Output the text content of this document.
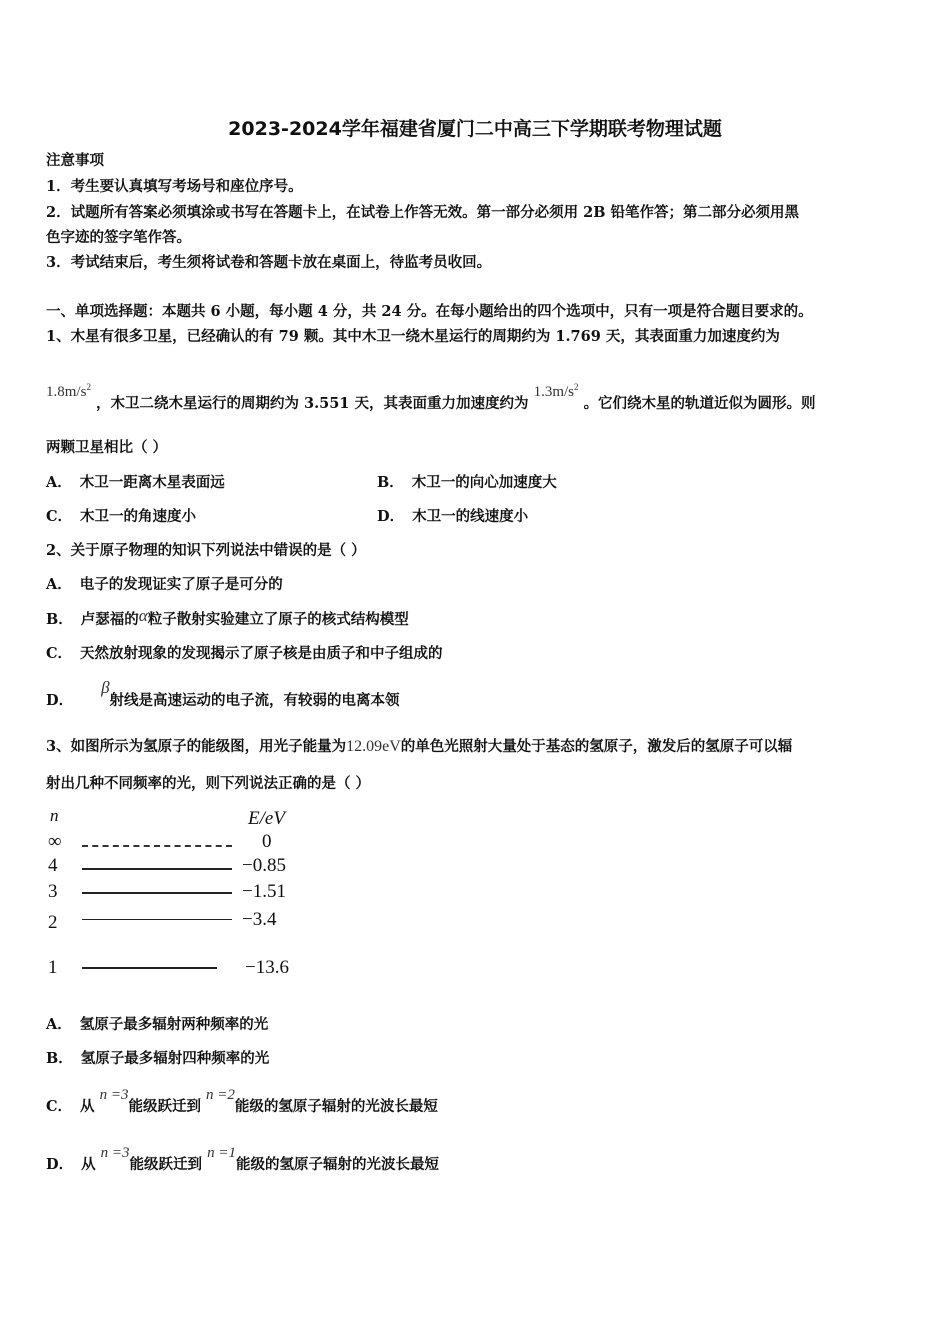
2023-2024学年福建省厦门二中高三下学期联考物理试题
注意事项
1．考生要认真填写考场号和座位序号。
2．试题所有答案必须填涂或书写在答题卡上，在试卷上作答无效。第一部分必须用 2B 铅笔作答；第二部分必须用黑
色字迹的签字笔作答。
3．考试结束后，考生须将试卷和答题卡放在桌面上，待监考员收回。
一、单项选择题：本题共 6 小题，每小题 4 分，共 24 分。在每小题给出的四个选项中，只有一项是符合题目要求的。
1、木星有很多卫星，已经确认的有 79 颗。其中木卫一绕木星运行的周期约为 1.769 天，其表面重力加速度约为
$1.8m/s^2$ ，木卫二绕木星运行的周期约为 3.551 天，其表面重力加速度约为 $1.3m/s^2$ 。它们绕木星的轨道近似为圆形。则
两颗卫星相比（ ）
A． 木卫一距离木星表面远	B． 木卫一的向心加速度大
C． 木卫一的角速度小	D． 木卫一的线速度小
2、关于原子物理的知识下列说法中错误的是（ ）
A． 电子的发现证实了原子是可分的
B． 卢瑟福的α粒子散射实验建立了原子的核式结构模型
C． 天然放射现象的发现揭示了原子核是由质子和中子组成的
D．β射线是高速运动的电子流，有较弱的电离本领
3、如图所示为氢原子的能级图，用光子能量为12.09eV的单色光照射大量处于基态的氢原子，激发后的氢原子可以辐
射出几种不同频率的光，则下列说法正确的是（ ）
n	E/eV
∞	0
4	−0.85
3	−1.51
2	−3.4
1	−13.6
A． 氢原子最多辐射两种频率的光
B． 氢原子最多辐射四种频率的光
C． 从 n =3能级跃迁到 n =2能级的氢原子辐射的光波长最短
D． 从 n =3能级跃迁到 n =1能级的氢原子辐射的光波长最短
